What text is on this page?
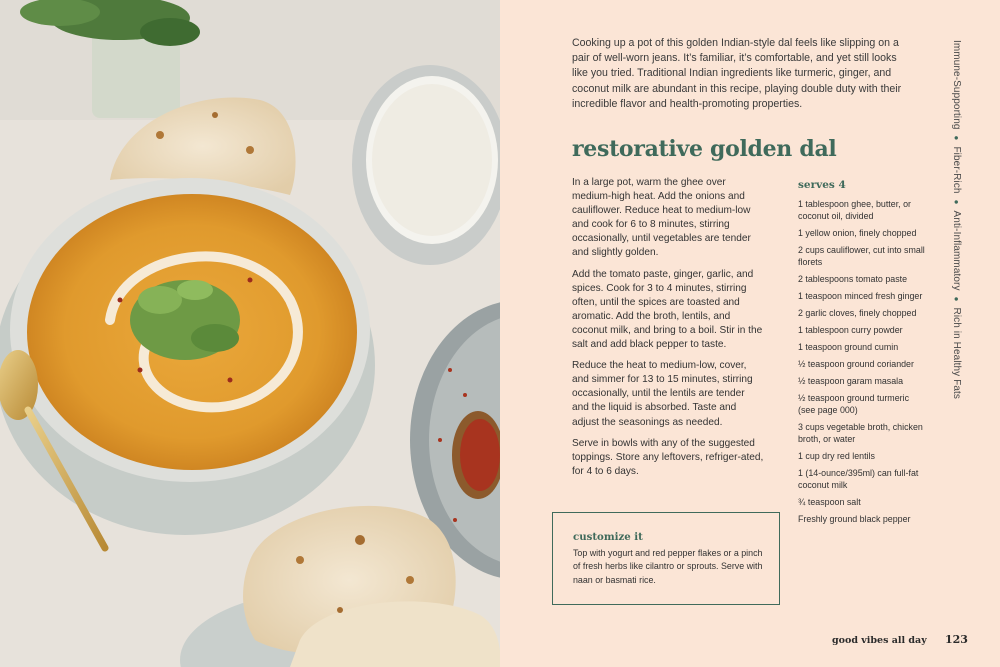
Cooking up a pot of this golden Indian-style dal feels like slipping on a pair of well-worn jeans. It’s familiar, it’s comfortable, and yet still looks like you tried. Traditional Indian ingredients like turmeric, ginger, and coconut milk are abundant in this recipe, playing double duty with their incredible flavor and health-promoting properties.

restorative golden dal

In a large pot, warm the ghee over medium-high heat. Add the onions and cauliflower. Reduce heat to medium-low and cook for 6 to 8 minutes, stirring occasionally, until vegetables are tender and slightly golden.

Add the tomato paste, ginger, garlic, and spices. Cook for 3 to 4 minutes, stirring often, until the spices are toasted and aromatic. Add the broth, lentils, and coconut milk, and bring to a boil. Stir in the salt and add black pepper to taste.

Reduce the heat to medium-low, cover, and simmer for 13 to 15 minutes, stirring occasionally, until the lentils are tender and the liquid is absorbed. Taste and adjust the seasonings as needed.

Serve in bowls with any of the suggested toppings. Store any leftovers, refriger-ated, for 4 to 6 days.

serves 4
1 tablespoon ghee, butter, or coconut oil, divided
1 yellow onion, finely chopped
2 cups cauliflower, cut into small florets
2 tablespoons tomato paste
1 teaspoon minced fresh ginger
2 garlic cloves, finely chopped
1 tablespoon curry powder
1 teaspoon ground cumin
½ teaspoon ground coriander
½ teaspoon garam masala
½ teaspoon ground turmeric (see page 000)
3 cups vegetable broth, chicken broth, or water
1 cup dry red lentils
1 (14-ounce/395ml) can full-fat coconut milk
¾ teaspoon salt
Freshly ground black pepper
customize it
Top with yogurt and red pepper flakes or a pinch of fresh herbs like cilantro or sprouts. Serve with naan or basmati rice.
Immune-Supporting●Fiber-Rich●Anti-Inflammatory●Rich in Healthy Fats
good vibes all day 123
